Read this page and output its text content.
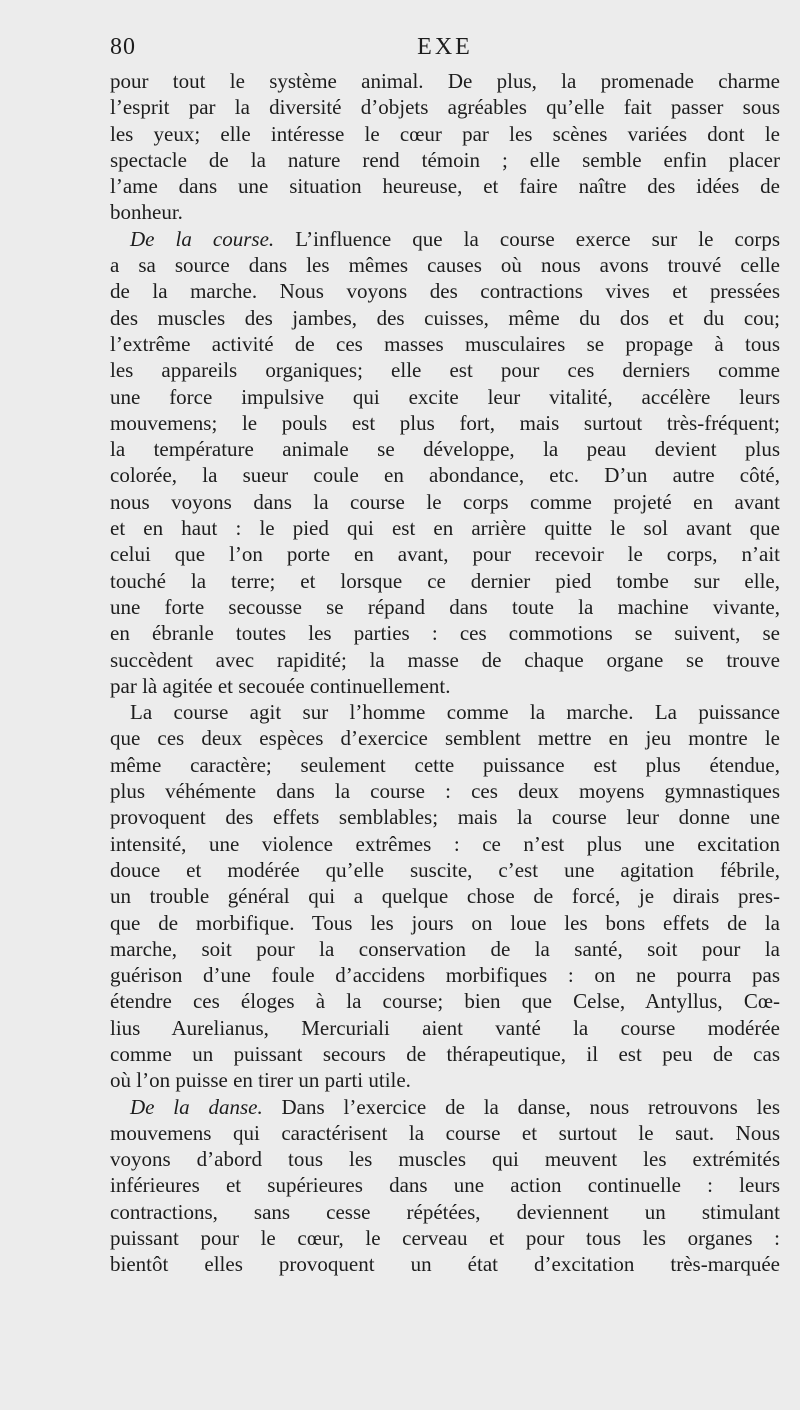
80	EXE
pour tout le système animal. De plus, la promenade charme
l’esprit par la diversité d’objets agréables qu’elle fait passer sous
les yeux; elle intéresse le cœur par les scènes variées dont le
spectacle de la nature rend témoin ; elle semble enfin placer
l’ame dans une situation heureuse, et faire naître des idées de
bonheur.
De la course. L’influence que la course exerce sur le corps
a sa source dans les mêmes causes où nous avons trouvé celle
de la marche. Nous voyons des contractions vives et pressées
des muscles des jambes, des cuisses, même du dos et du cou;
l’extrême activité de ces masses musculaires se propage à tous
les appareils organiques; elle est pour ces derniers comme
une force impulsive qui excite leur vitalité, accélère leurs
mouvemens; le pouls est plus fort, mais surtout très-fréquent;
la température animale se développe, la peau devient plus
colorée, la sueur coule en abondance, etc. D’un autre côté,
nous voyons dans la course le corps comme projeté en avant
et en haut : le pied qui est en arrière quitte le sol avant que
celui que l’on porte en avant, pour recevoir le corps, n’ait
touché la terre; et lorsque ce dernier pied tombe sur elle,
une forte secousse se répand dans toute la machine vivante,
en ébranle toutes les parties : ces commotions se suivent, se
succèdent avec rapidité; la masse de chaque organe se trouve
par là agitée et secouée continuellement.
La course agit sur l’homme comme la marche. La puissance
que ces deux espèces d’exercice semblent mettre en jeu montre le
même caractère; seulement cette puissance est plus étendue,
plus véhémente dans la course : ces deux moyens gymnastiques
provoquent des effets semblables; mais la course leur donne une
intensité, une violence extrêmes : ce n’est plus une excitation
douce et modérée qu’elle suscite, c’est une agitation fébrile,
un trouble général qui a quelque chose de forcé, je dirais pres-
que de morbifique. Tous les jours on loue les bons effets de la
marche, soit pour la conservation de la santé, soit pour la
guérison d’une foule d’accidens morbifiques : on ne pourra pas
étendre ces éloges à la course; bien que Celse, Antyllus, Cœ-
lius Aurelianus, Mercuriali aient vanté la course modérée
comme un puissant secours de thérapeutique, il est peu de cas
où l’on puisse en tirer un parti utile.
De la danse. Dans l’exercice de la danse, nous retrouvons les
mouvemens qui caractérisent la course et surtout le saut. Nous
voyons d’abord tous les muscles qui meuvent les extrémités
inférieures et supérieures dans une action continuelle : leurs
contractions, sans cesse répétées, deviennent un stimulant
puissant pour le cœur, le cerveau et pour tous les organes :
bientôt elles provoquent un état d’excitation très-marquée
